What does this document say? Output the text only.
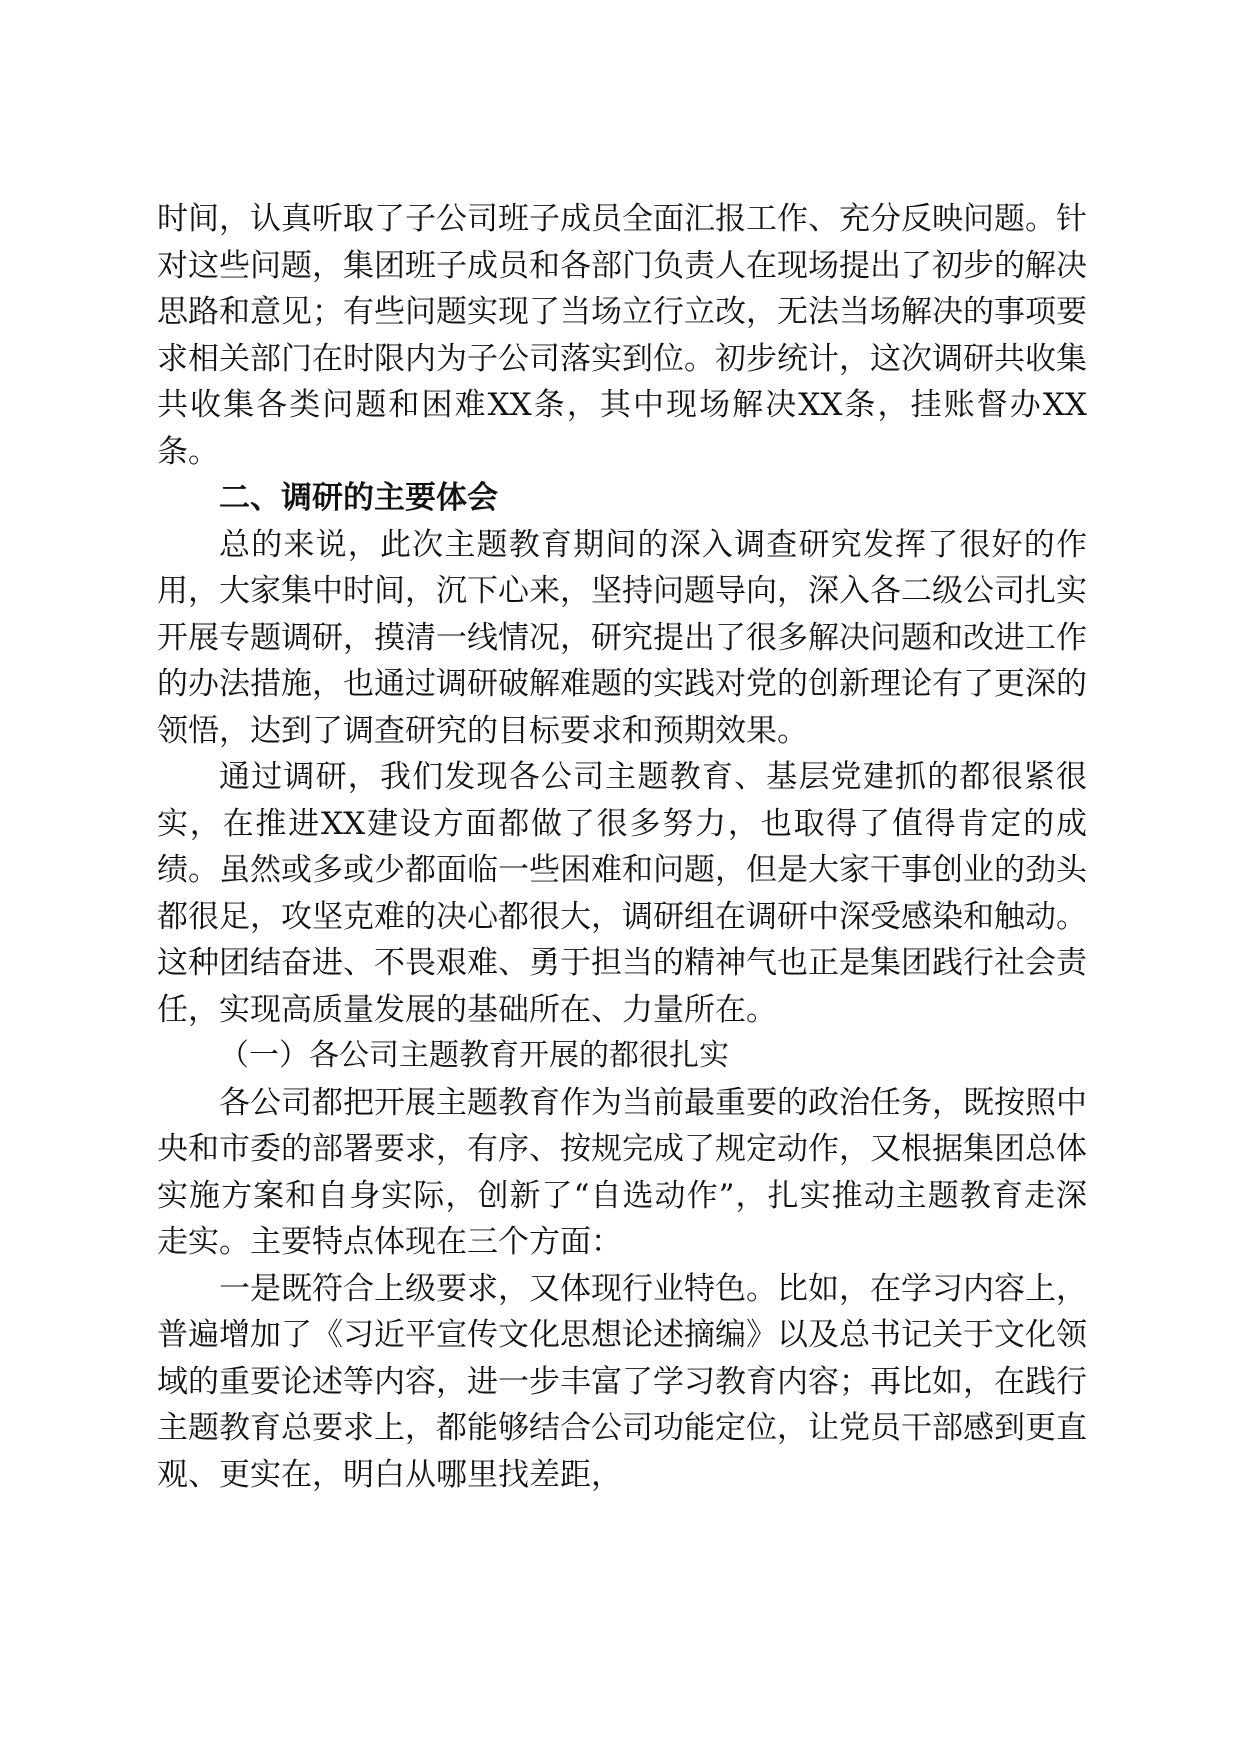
时间，认真听取了子公司班子成员全面汇报工作、充分反映问题。针对这些问题，集团班子成员和各部门负责人在现场提出了初步的解决思路和意见；有些问题实现了当场立行立改，无法当场解决的事项要求相关部门在时限内为子公司落实到位。初步统计，这次调研共收集共收集各类问题和困难XX条，其中现场解决XX条，挂账督办XX条。

二、调研的主要体会

总的来说，此次主题教育期间的深入调查研究发挥了很好的作用，大家集中时间，沉下心来，坚持问题导向，深入各二级公司扎实开展专题调研，摸清一线情况，研究提出了很多解决问题和改进工作的办法措施，也通过调研破解难题的实践对党的创新理论有了更深的领悟，达到了调查研究的目标要求和预期效果。

通过调研，我们发现各公司主题教育、基层党建抓的都很紧很实，在推进XX建设方面都做了很多努力，也取得了值得肯定的成绩。虽然或多或少都面临一些困难和问题，但是大家干事创业的劲头都很足，攻坚克难的决心都很大，调研组在调研中深受感染和触动。这种团结奋进、不畏艰难、勇于担当的精神气也正是集团践行社会责任，实现高质量发展的基础所在、力量所在。

（一）各公司主题教育开展的都很扎实

各公司都把开展主题教育作为当前最重要的政治任务，既按照中央和市委的部署要求，有序、按规完成了规定动作，又根据集团总体实施方案和自身实际，创新了“自选动作”，扎实推动主题教育走深走实。主要特点体现在三个方面：

一是既符合上级要求，又体现行业特色。比如，在学习内容上，普遍增加了《习近平宣传文化思想论述摘编》以及总书记关于文化领域的重要论述等内容，进一步丰富了学习教育内容；再比如，在践行主题教育总要求上，都能够结合公司功能定位，让党员干部感到更直观、更实在，明白从哪里找差距，
